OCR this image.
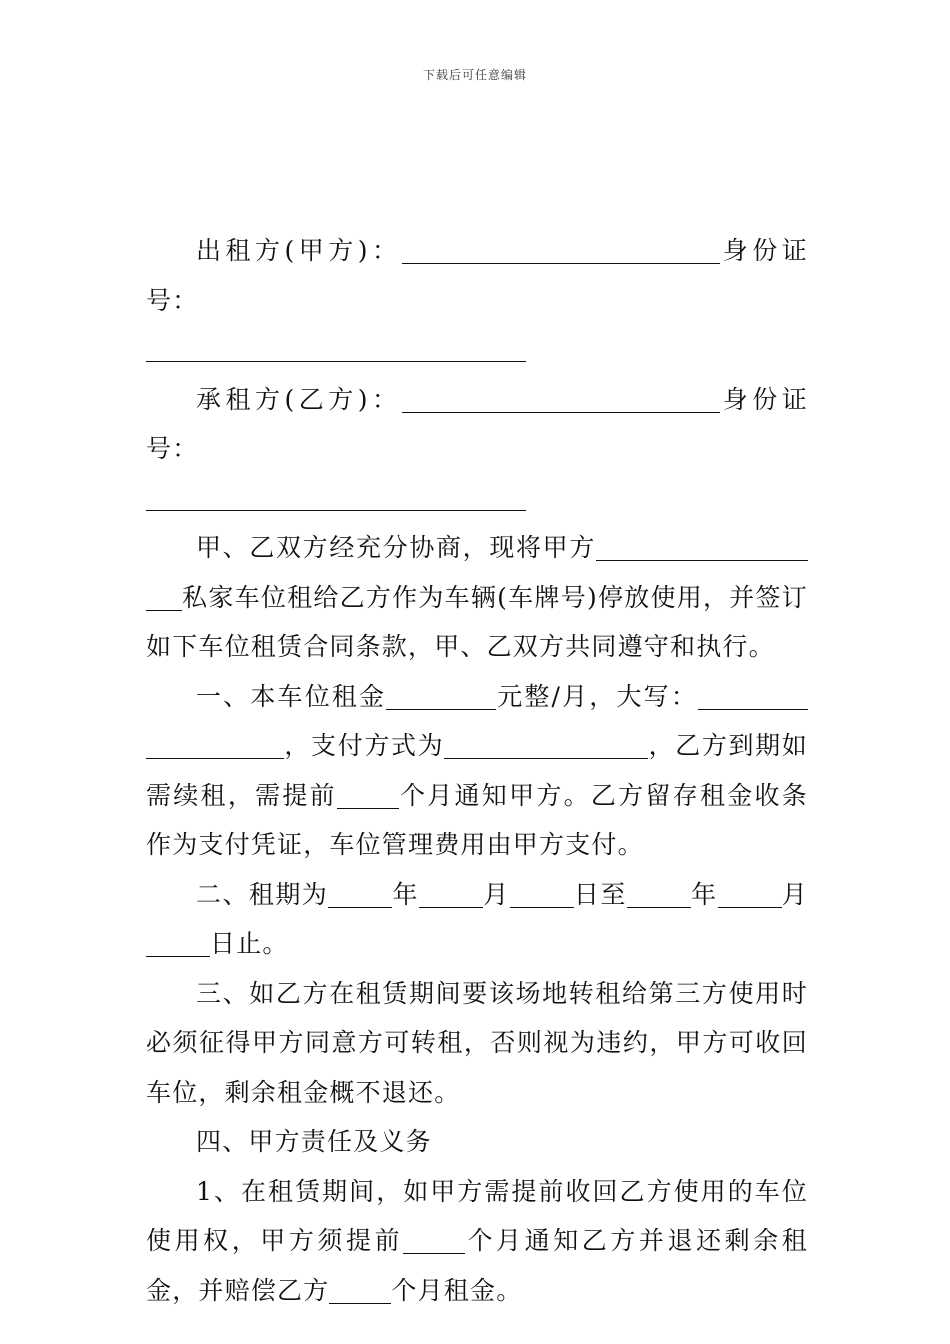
下载后可任意编辑

出租方(甲方)：	身份证号：

承租方(乙方)：	身份证号：

甲、乙双方经充分协商，现将甲方私家车位租给乙方作为车辆(车牌号)停放使用，并签订如下车位租赁合同条款，甲、乙双方共同遵守和执行。

一、本车位租金	元整/月，大写：，支付方式为	，乙方到期如需续租，需提前 个月通知甲方。乙方留存租金收条作为支付凭证，车位管理费用由甲方支付。

二、租期为	年	月	日至	年	月日止。

三、如乙方在租赁期间要该场地转租给第三方使用时必须征得甲方同意方可转租，否则视为违约，甲方可收回车位，剩余租金概不退还。

四、甲方责任及义务

1、在租赁期间，如甲方需提前收回乙方使用的车位使用权，甲方须提前 个月通知乙方并退还剩余租金，并赔偿乙方 个月租金。
